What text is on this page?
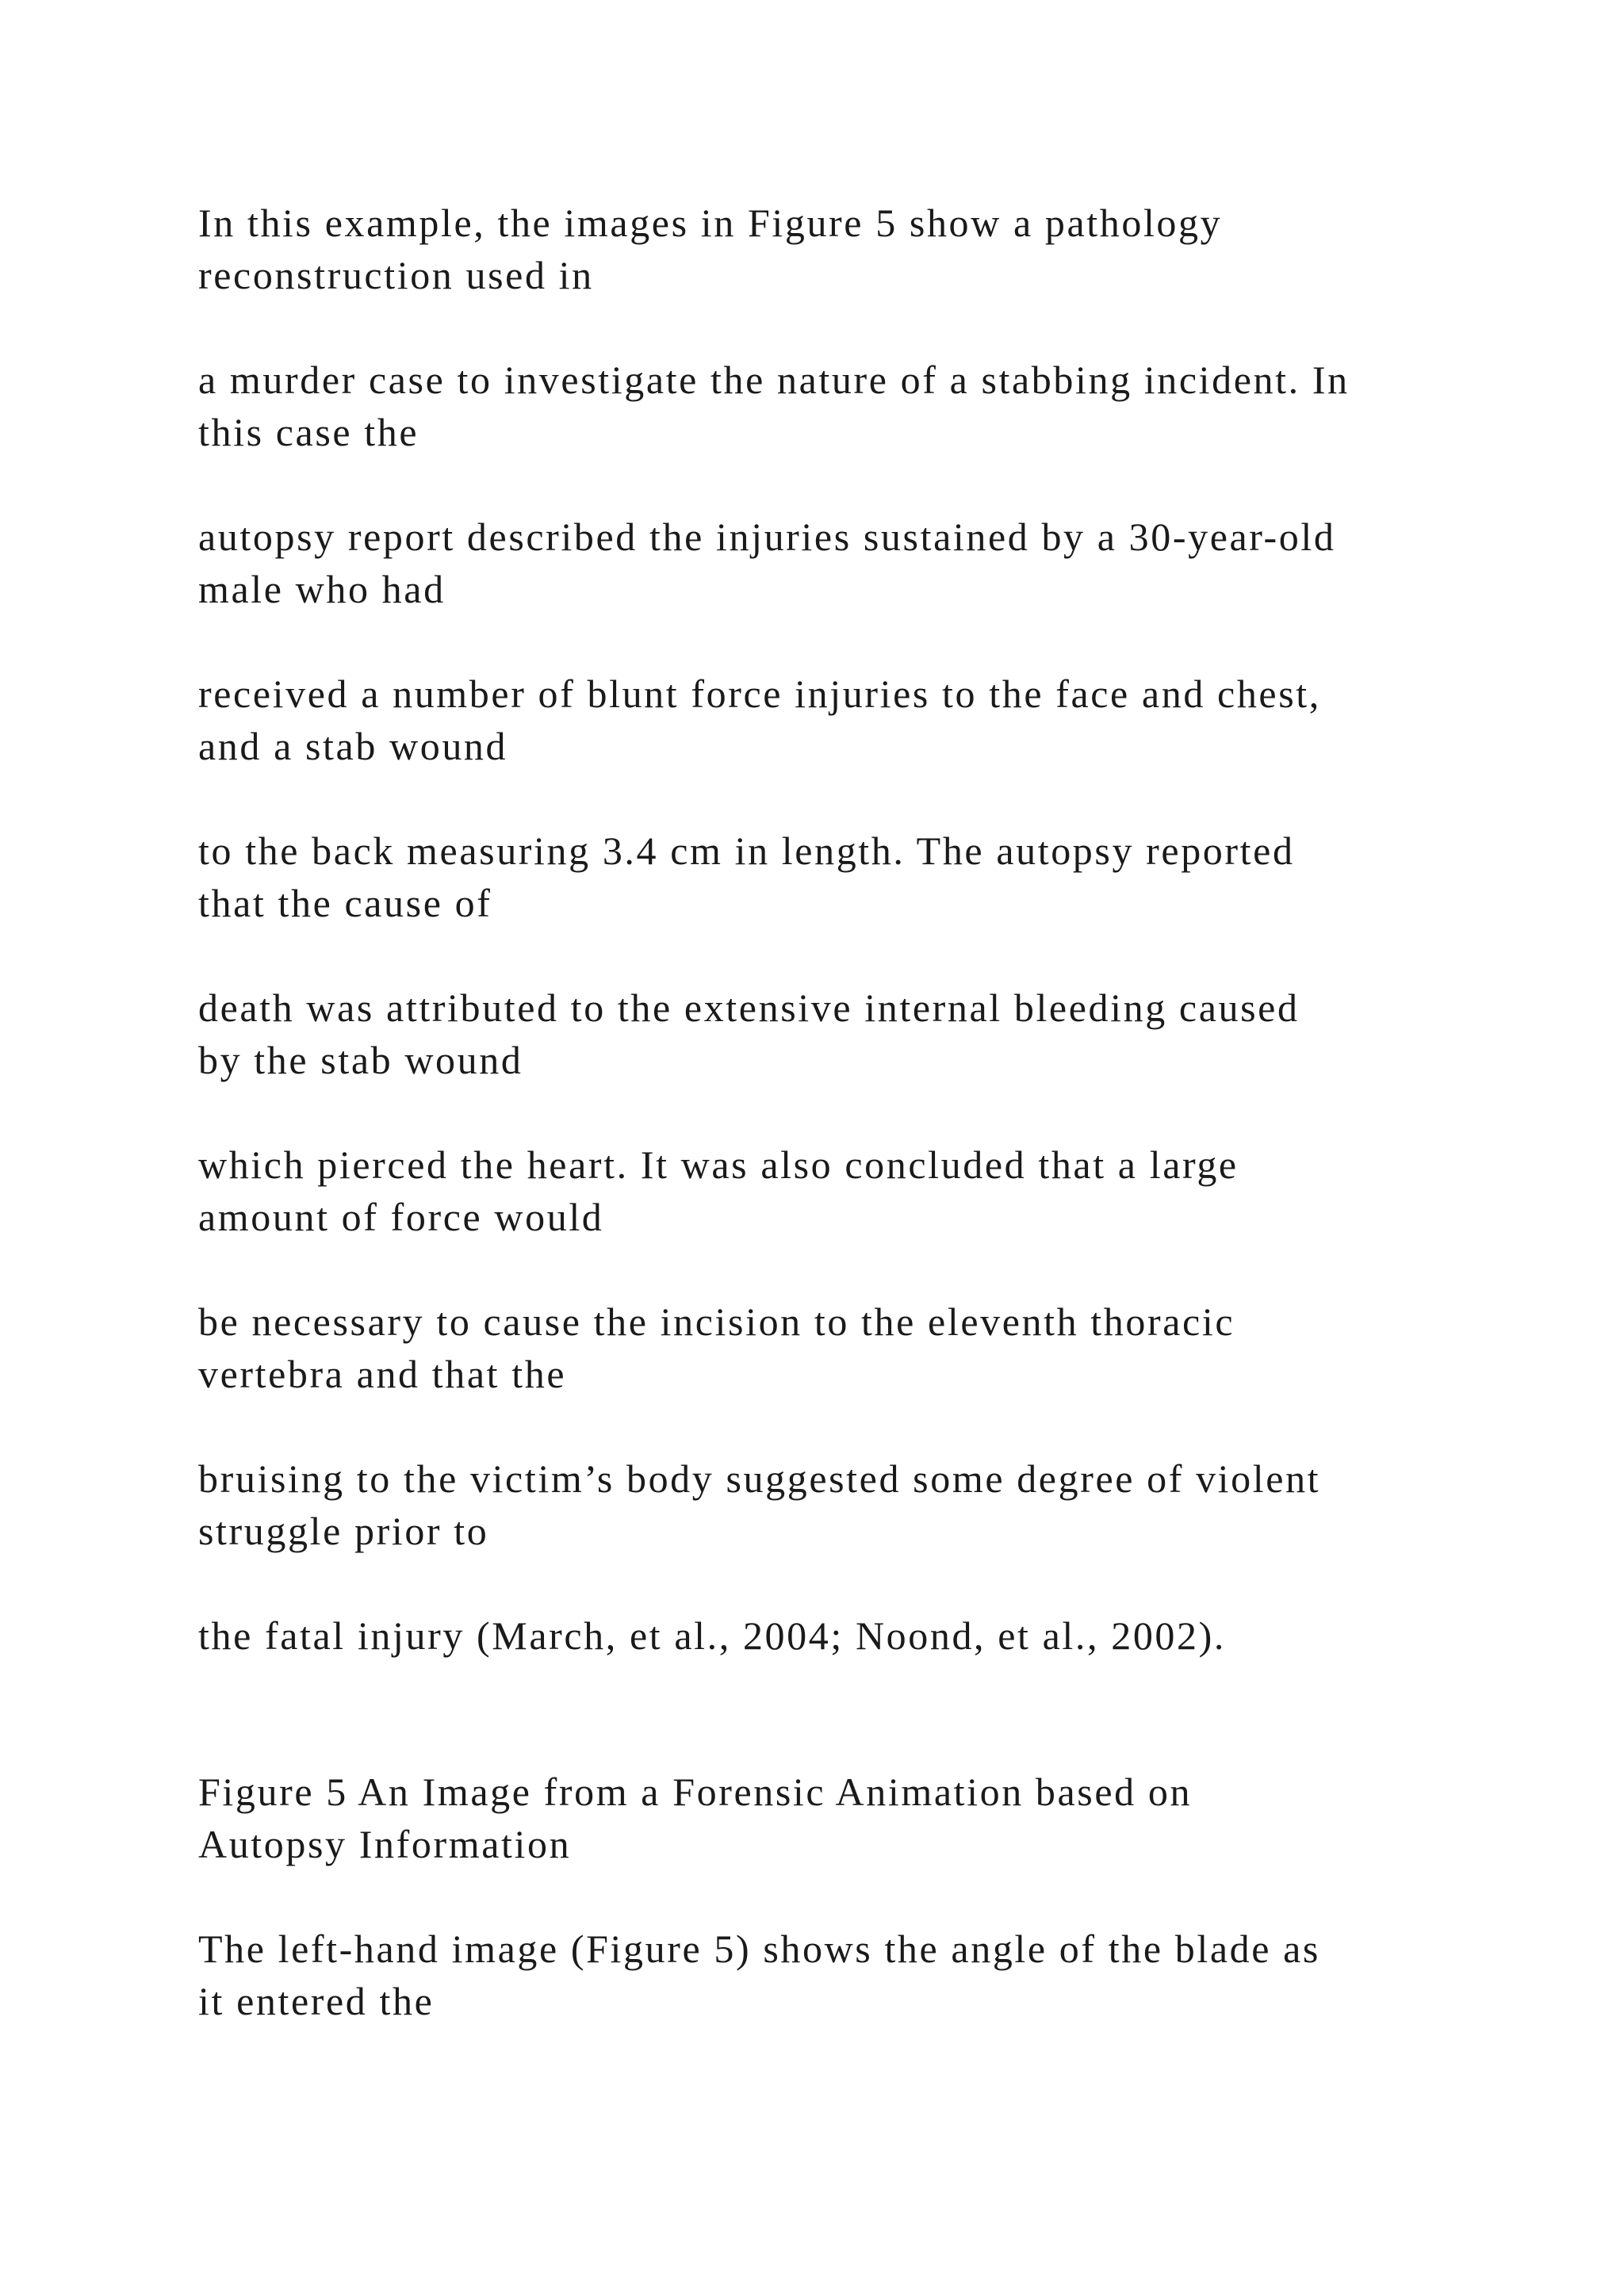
In this example, the images in Figure 5 show a pathology
reconstruction used in

a murder case to investigate the nature of a stabbing incident. In
this case the

autopsy report described the injuries sustained by a 30-year-old
male who had

received a number of blunt force injuries to the face and chest,
and a stab wound

to the back measuring 3.4 cm in length. The autopsy reported
that the cause of

death was attributed to the extensive internal bleeding caused
by the stab wound

which pierced the heart. It was also concluded that a large
amount of force would

be necessary to cause the incision to the eleventh thoracic
vertebra and that the

bruising to the victim’s body suggested some degree of violent
struggle prior to

the fatal injury (March, et al., 2004; Noond, et al., 2002).

Figure 5 An Image from a Forensic Animation based on
Autopsy Information

The left-hand image (Figure 5) shows the angle of the blade as
it entered the
